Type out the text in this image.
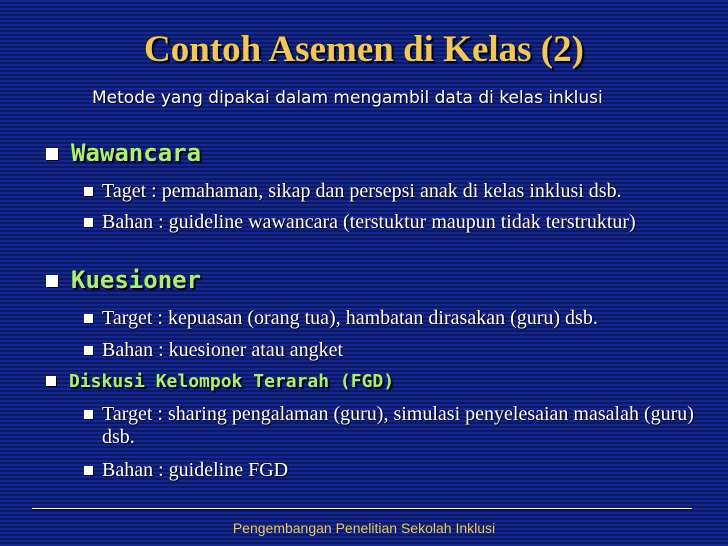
Contoh Asemen di Kelas (2)
Metode yang dipakai dalam mengambil data di kelas inklusi
Wawancara
Taget : pemahaman, sikap dan persepsi anak di kelas inklusi dsb.
Bahan : guideline wawancara (terstuktur maupun tidak terstruktur)
Kuesioner
Target : kepuasan (orang tua), hambatan dirasakan (guru) dsb.
Bahan : kuesioner atau angket
Diskusi Kelompok Terarah (FGD)
Target : sharing pengalaman (guru), simulasi penyelesaian masalah (guru) dsb.
Bahan : guideline FGD
Pengembangan Penelitian Sekolah Inklusi
